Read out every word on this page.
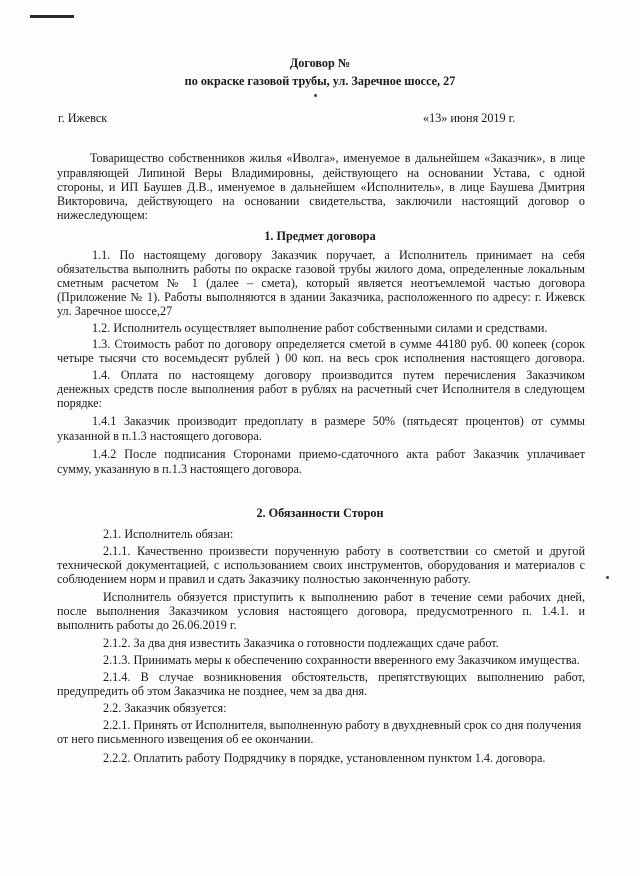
Договор №
по окраске газовой трубы, ул. Заречное шоссе, 27
г. Ижевск	«13» июня 2019 г.
Товарищество собственников жилья «Иволга», именуемое в дальнейшем «Заказчик», в лице
управляющей Липиной Веры Владимировны, действующего на основании Устава, с одной
стороны, и ИП Баушев Д.В., именуемое в дальнейшем «Исполнитель», в лице Баушева Дмитрия
Викторовича, действующего на основании свидетельства, заключили настоящий договор о
нижеследующем:
1. Предмет договора
1.1. По настоящему договору Заказчик поручает, а Исполнитель принимает на себя
обязательства выполнить работы по окраске газовой трубы жилого дома, определенные локальным
сметным расчетом № 1 (далее – смета), который является неотъемлемой частью договора
(Приложение № 1). Работы выполняются в здании Заказчика, расположенного по адресу: г. Ижевск
ул. Заречное шоссе,27
1.2. Исполнитель осуществляет выполнение работ собственными силами и средствами.
1.3. Стоимость работ по договору определяется сметой в сумме 44180 руб. 00 копеек (сорок
четыре тысячи сто восемьдесят рублей ) 00 коп. на весь срок исполнения настоящего договора.
1.4. Оплата по настоящему договору производится путем перечисления Заказчиком
денежных средств после выполнения работ в рублях на расчетный счет Исполнителя в следующем
порядке:
1.4.1 Заказчик производит предоплату в размере 50% (пятьдесят процентов) от суммы
указанной в п.1.3 настоящего договора.
1.4.2 После подписания Сторонами приемо-сдаточного акта работ Заказчик уплачивает
сумму, указанную в п.1.3 настоящего договора.
2. Обязанности Сторон
2.1. Исполнитель обязан:
2.1.1. Качественно произвести порученную работу в соответствии со сметой и другой
технической документацией, с использованием своих инструментов, оборудования и материалов с
соблюдением норм и правил и сдать Заказчику полностью законченную работу.
Исполнитель обязуется приступить к выполнению работ в течение семи рабочих дней,
после выполнения Заказчиком условия настоящего договора, предусмотренного п. 1.4.1. и
выполнить работы до 26.06.2019 г.
2.1.2. За два дня известить Заказчика о готовности подлежащих сдаче работ.
2.1.3. Принимать меры к обеспечению сохранности вверенного ему Заказчиком имущества.
2.1.4. В случае возникновения обстоятельств, препятствующих выполнению работ,
предупредить об этом Заказчика не позднее, чем за два дня.
2.2. Заказчик обязуется:
2.2.1. Принять от Исполнителя, выполненную работу в двухдневный срок со дня получения
от него письменного извещения об ее окончании.
2.2.2. Оплатить работу Подрядчику в порядке, установленном пунктом 1.4. договора.
